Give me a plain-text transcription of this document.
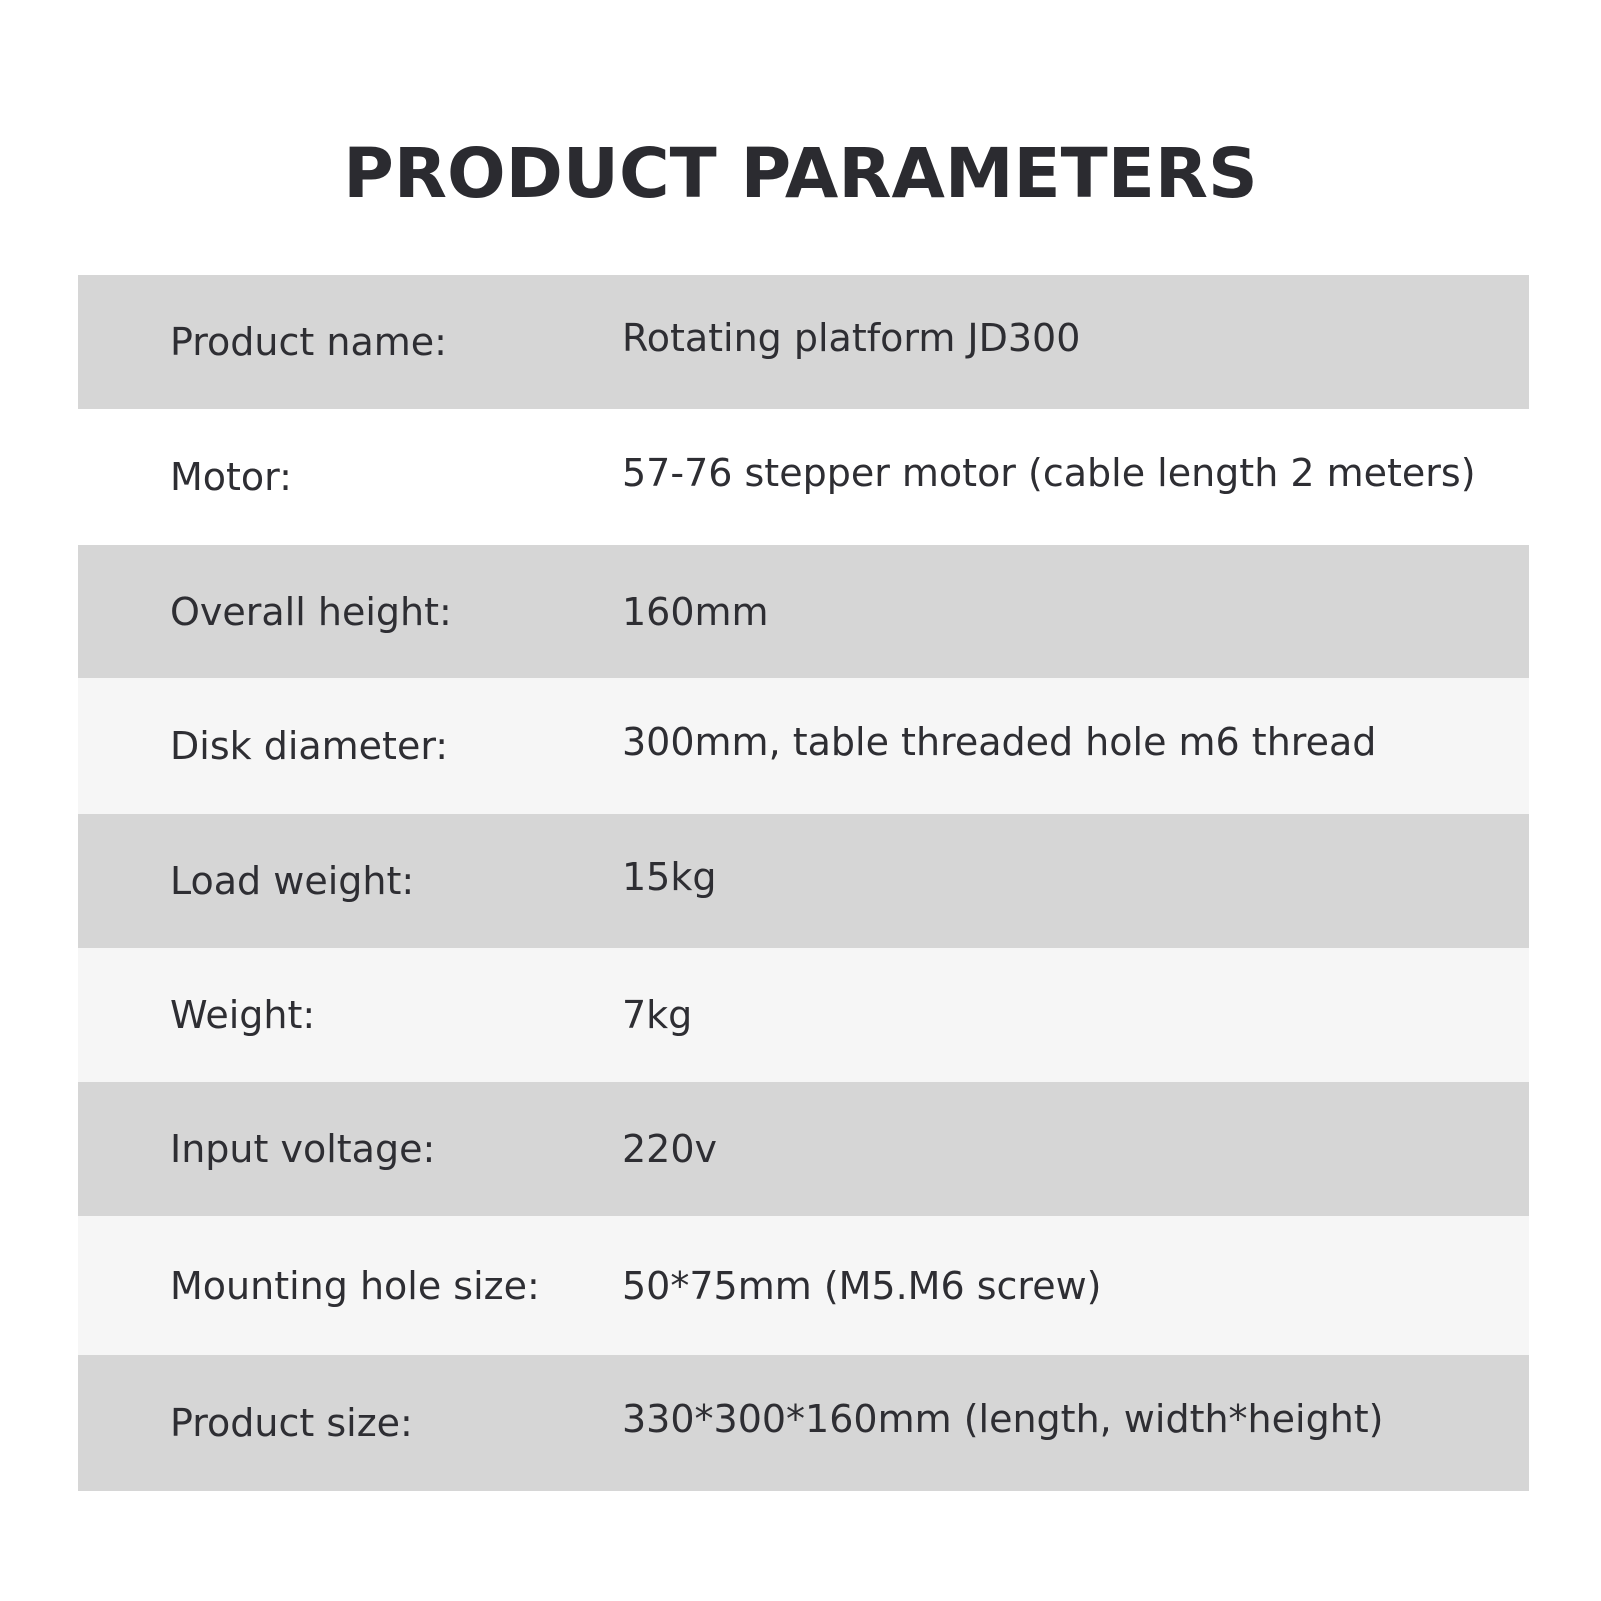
PRODUCT PARAMETERS
Product name:	Rotating platform JD300
Motor:	57-76 stepper motor (cable length 2 meters)
Overall height:	160mm
Disk diameter:	300mm, table threaded hole m6 thread
Load weight:	15kg
Weight:	7kg
Input voltage:	220v
Mounting hole size: 50*75mm (M5.M6 screw)
Product size:	330*300*160mm (length, width*height)
